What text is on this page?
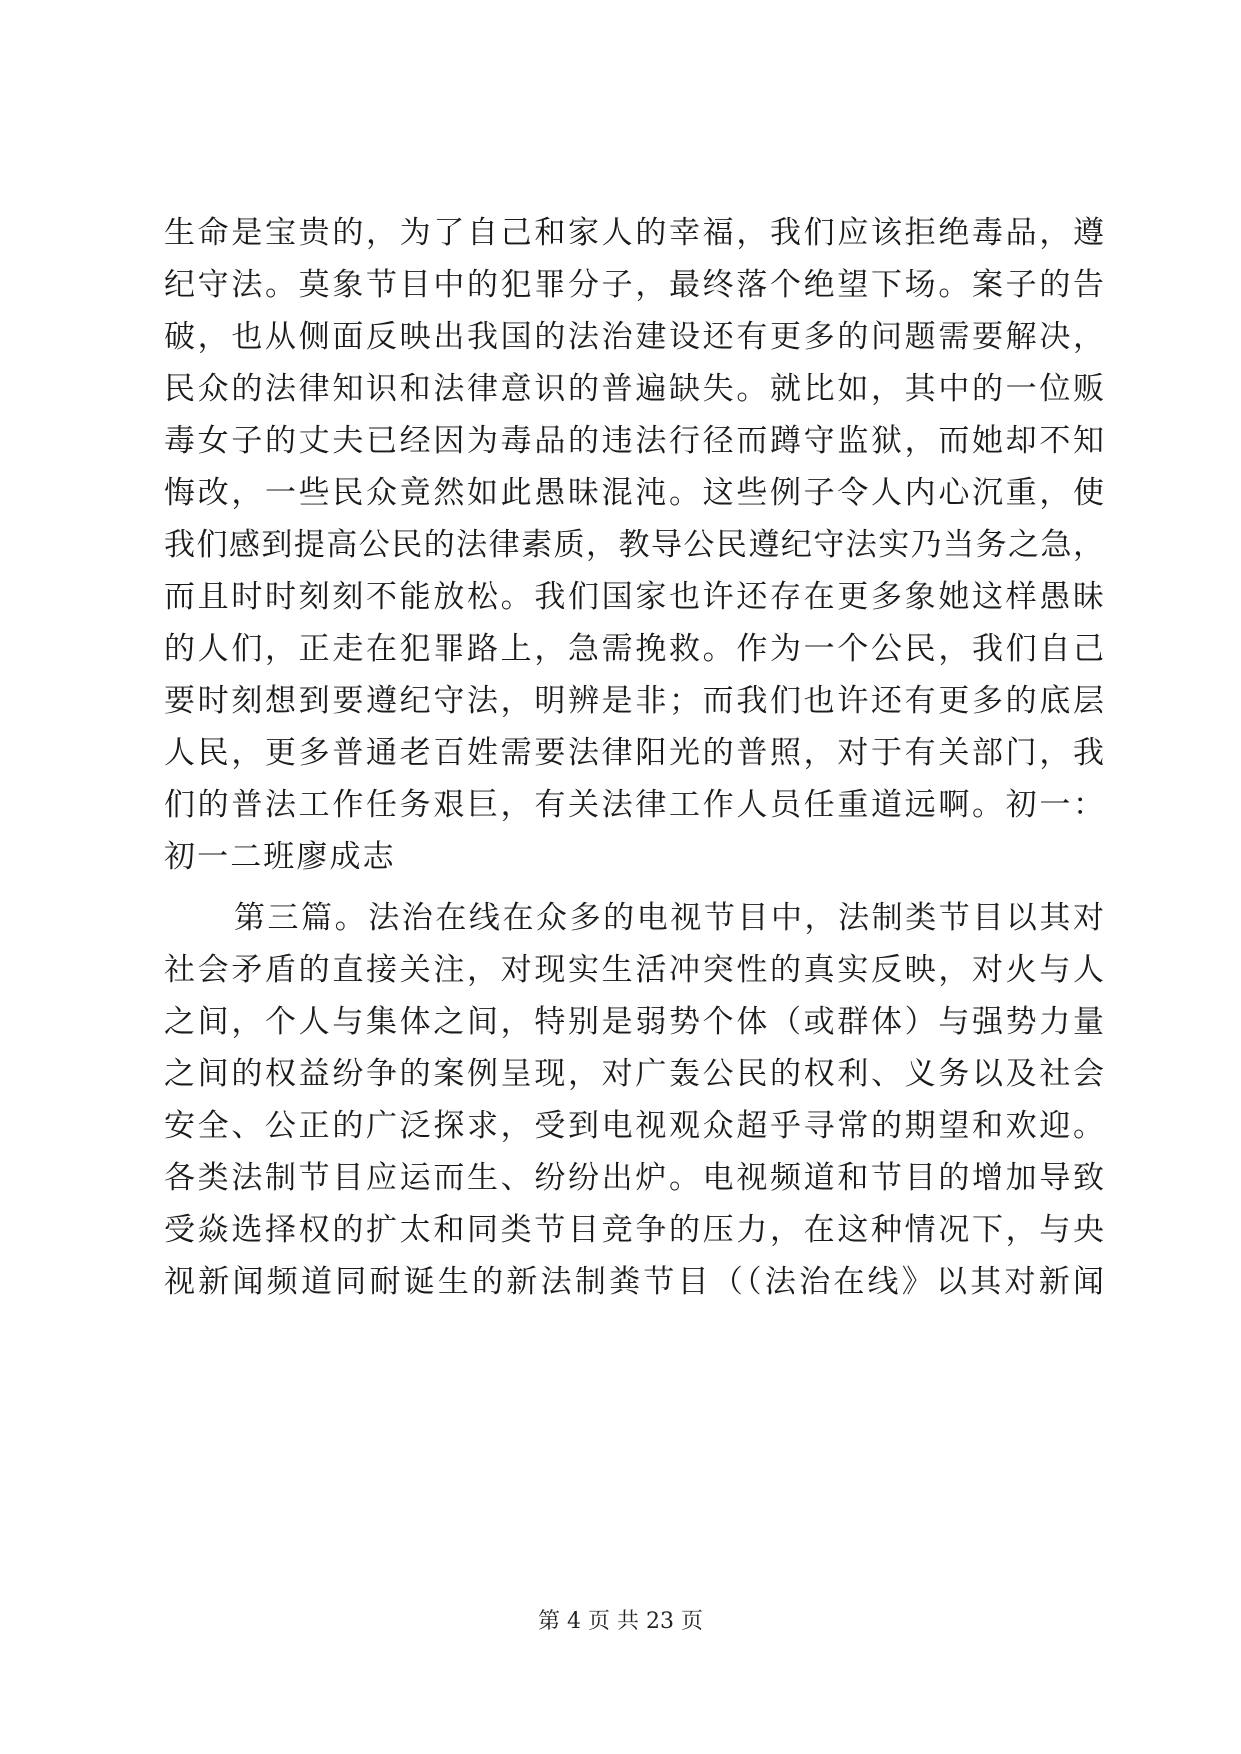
生命是宝贵的，为了自己和家人的幸福，我们应该拒绝毒品，遵
纪守法。莫象节目中的犯罪分子，最终落个绝望下场。案子的告
破，也从侧面反映出我国的法治建设还有更多的问题需要解决，
民众的法律知识和法律意识的普遍缺失。就比如，其中的一位贩
毒女子的丈夫已经因为毒品的违法行径而蹲守监狱，而她却不知
悔改，一些民众竟然如此愚昧混沌。这些例子令人内心沉重，使
我们感到提高公民的法律素质，教导公民遵纪守法实乃当务之急，
而且时时刻刻不能放松。我们国家也许还存在更多象她这样愚昧
的人们，正走在犯罪路上，急需挽救。作为一个公民，我们自己
要时刻想到要遵纪守法，明辨是非；而我们也许还有更多的底层
人民，更多普通老百姓需要法律阳光的普照，对于有关部门，我
们的普法工作任务艰巨，有关法律工作人员任重道远啊。初一：
初一二班廖成志
第三篇。法治在线在众多的电视节目中，法制类节目以其对
社会矛盾的直接关注，对现实生活冲突性的真实反映，对火与人
之间，个人与集体之间，特别是弱势个体（或群体）与强势力量
之间的权益纷争的案例呈现，对广轰公民的权利、义务以及社会
安全、公正的广泛探求，受到电视观众超乎寻常的期望和欢迎。
各类法制节目应运而生、纷纷出炉。电视频道和节目的增加导致
受焱选择权的扩太和同类节目竞争的压力，在这种情况下，与央
视新闻频道同耐诞生的新法制粪节目（（法治在线》以其对新闻
第 4 页 共 23 页
